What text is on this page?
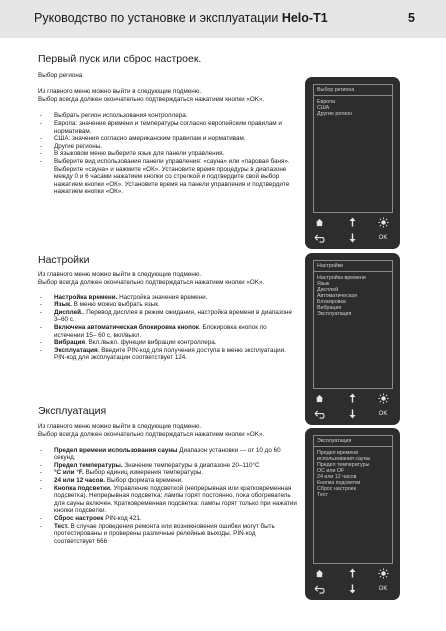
Руководство по установке и эксплуатации Helo-T1	5
Первый пуск или сброс настроек.
Выбор региона
Из главного меню можно выйти в следующие подменю.
Выбор всегда должен окончательно подтверждаться нажатием кнопки «OK».
- Выбрать регион использования контроллера.
- Европа: значение времени и температуры согласно европейским правилам и нормативам.
- США: значения согласно американским правилам и нормативам.
- Другие регионы.
- В языковом меню выберите язык для панели управления.
- Выберите вид использования панели управления: «сауна» или «паровая баня». Выберите «сауна» и нажмите «ОК». Установите время процедуры в диапазоне между 0 и 6 часами нажатием кнопки со стрелкой и подтвердите свой выбор нажатием кнопки «ОК». Установите время на панели управления и подтвердите нажатием кнопки «ОК».
Настройки
Из главного меню можно выйти в следующие подменю.
Выбор всегда должен окончательно подтверждаться нажатием кнопки «OK».
- Настройка времени. Настройка значения времени.
- Язык. В меню можно выбрать язык.
- Дисплей.. Перевод дисплея в режим ожидания, настройка времени в диапазоне 3–60 с.
- Включена автоматическая блокировка кнопок. Блокировка кнопок по истечении 15– 60 с, вкл/выкл.
- Вибрация. Вкл./выкл. функции вибрации контроллера.
- Эксплуатация. Введите PIN-код для получения доступа в меню эксплуатации. PIN-код для эксплуатации соответствует 124.
Эксплуатация
Из главного меню можно выйти в следующие подменю.
Выбор всегда должен окончательно подтверждаться нажатием кнопки «OK».
- Предел времени использования сауны Диапазон установки — от 10 до 60 секунд.
- Предел температуры. Значение температуры в диапазоне 20–110°C
- °C или °F. Выбор единиц измерения температуры.
- 24 или 12 часов. Выбор формата времени.
- Кнопка подсветки. Управление подсветкой (непрерывная или кратковременная подсветка). Непрерывная подсветка: лампы горят постоянно, пока обогреватель для сауны включен. Кратковременная подсветка: лампы горят только при нажатии кнопки подсветки.
- Сброс настроек PIN-код 421.
- Тест. В случае проведения ремонта или возникновения ошибки могут быть протестированы и проверены различные релейные выходы. PIN-код соответствует 666
Выбор региона
Европа
США
Другие регион
OK
Настройки
Настройка времени
Язык
Дисплей
Автоматическая
Блокировка
Вибрация
Эксплуатация
OK
Эксплуатация
Предел времени
использования сауны
Предел температуры
ОС или ОF
24 или 12 часов
Кнопка подсветки
Сброс настроек
Тест
OK
